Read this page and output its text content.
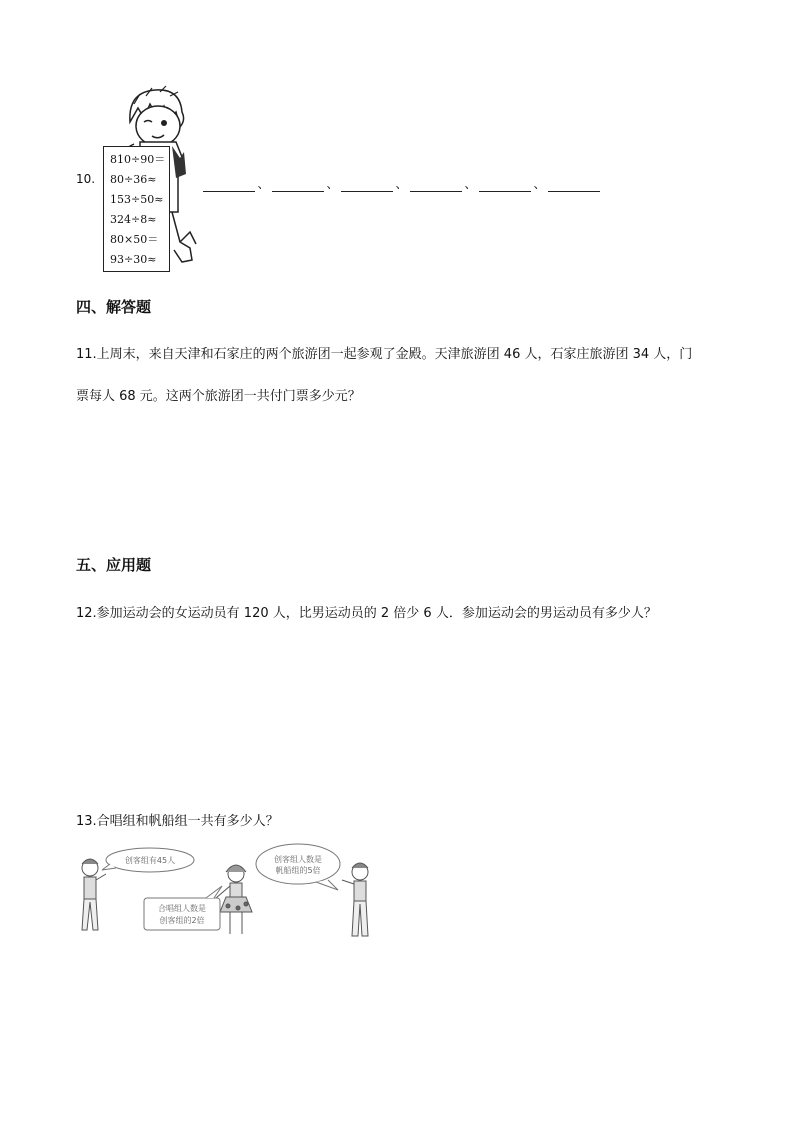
10.
810÷90＝
80÷36≈
153÷50≈
324÷8≈
80×50＝
93÷30≈
、	、	、	、	、
四、解答题
11.上周末，来自天津和石家庄的两个旅游团一起参观了金殿。天津旅游团 46 人，石家庄旅游团 34 人，门
票每人 68 元。这两个旅游团一共付门票多少元？
五、应用题
12.参加运动会的女运动员有 120 人，比男运动员的 2 倍少 6 人．参加运动会的男运动员有多少人？
13.合唱组和帆船组一共有多少人？
创客组有45人
合唱组人数是
创客组的2倍
创客组人数是
帆船组的5倍
